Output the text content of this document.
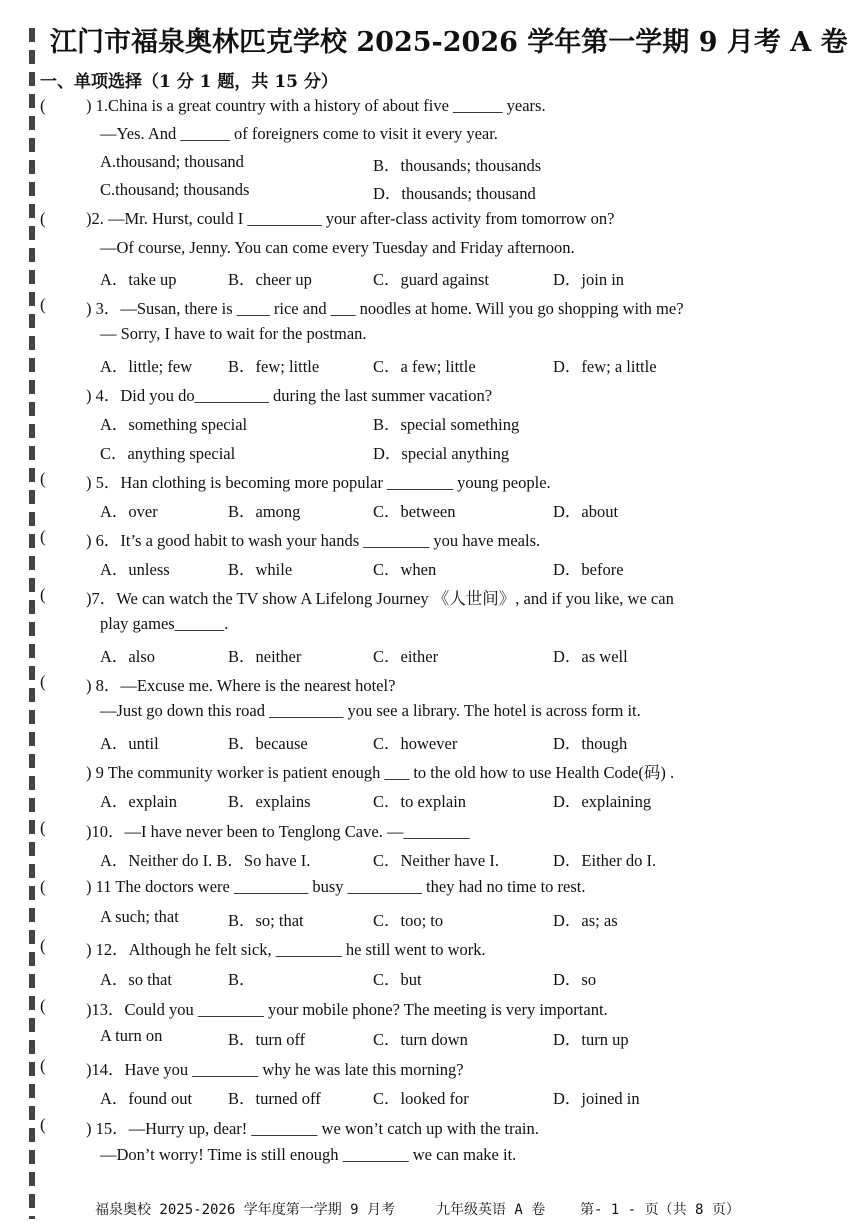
江门市福泉奥林匹克学校 2025-2026 学年第一学期 9 月考 A 卷
一、单项选择（1 分 1 题，共 15 分）
( ) 1.China is a great country with a history of about five ______ years.
—Yes. And ______ of foreigners come to visit it every year.
A.thousand; thousand	B．thousands; thousands
C.thousand; thousands	D．thousands; thousand
( )2. —Mr. Hurst, could I _________ your after-class activity from tomorrow on?
—Of course, Jenny. You can come every Tuesday and Friday afternoon.
A．take up	B．cheer up	C．guard against	D．join in
( ) 3．—Susan, there is ____ rice and ___ noodles at home. Will you go shopping with me?
— Sorry, I have to wait for the postman.
A．little; few B．few; little	C．a few; little	D．few; a little
) 4．Did you do_________ during the last summer vacation?
A．something special	B．special something
C．anything special	D．special anything
( ) 5．Han clothing is becoming more popular ________ young people.
A．over	B．among	C．between	D．about
( ) 6．It’s a good habit to wash your hands ________ you have meals.
A．unless	B．while	C．when	D．before
( )7．We can watch the TV show A Lifelong Journey 《人世间》, and if you like, we can
play games______.
A．also	B．neither	C．either	D．as well
( ) 8．—Excuse me. Where is the nearest hotel?
—Just go down this road _________ you see a library. The hotel is across form it.
A．until	B．because	C．however	D．though
) 9 The community worker is patient enough ___ to the old how to use Health Code(码) .
A．explain	B．explains	C．to explain	D．explaining
( )10．—I have never been to Tenglong Cave. —________
A．Neither do I. B．So have I.	C．Neither have I.	D．Either do I.
( ) 11 The doctors were _________ busy _________ they had no time to rest.
A such; that	B．so; that	C．too; to	D．as; as
( ) 12．Although he felt sick, ________ he still went to work.
A．so that	B．	C．but	D．so
( )13．Could you ________ your mobile phone? The meeting is very important.
A turn on	B．turn off	C．turn down	D．turn up
( )14．Have you ________ why he was late this morning?
A．found out B．turned off	C．looked for	D．joined in
( ) 15．—Hurry up, dear! ________ we won’t catch up with the train.
—Don’t worry! Time is still enough ________ we can make it.
福泉奥校 2025-2026 学年度第一学期 9 月考	九年级英语 A 卷 第- 1 - 页（共 8 页）
